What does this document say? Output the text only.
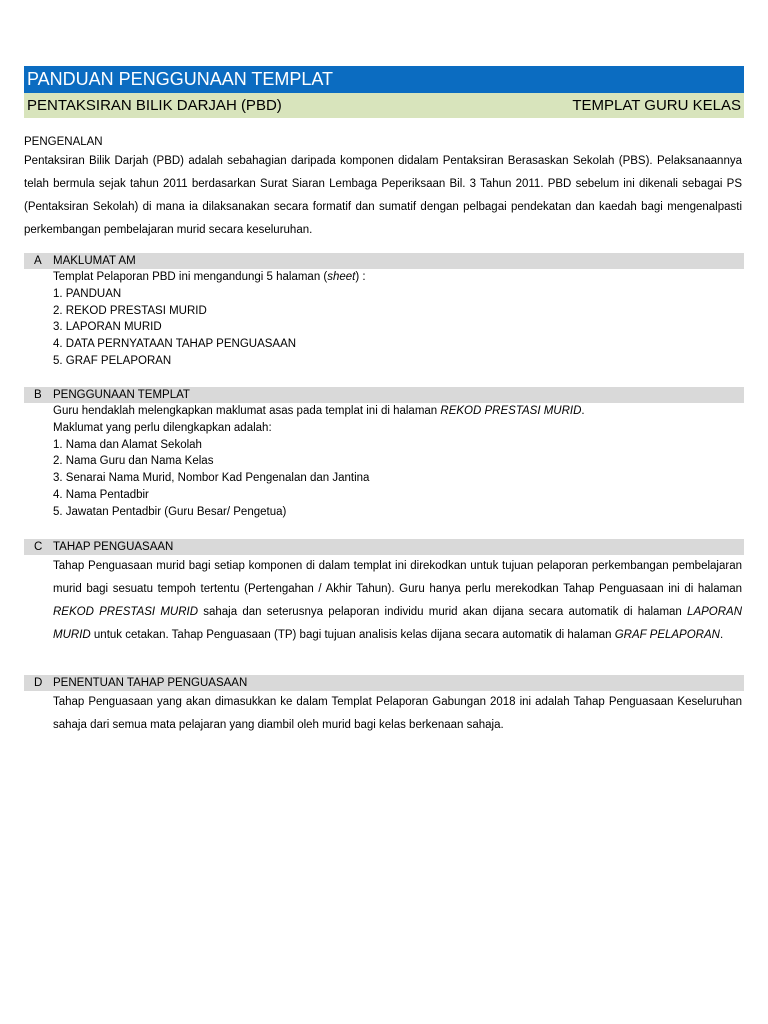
PANDUAN PENGGUNAAN TEMPLAT
PENTAKSIRAN BILIK DARJAH (PBD)	TEMPLAT GURU KELAS
PENGENALAN

Pentaksiran Bilik Darjah (PBD) adalah sebahagian daripada komponen didalam Pentaksiran Berasaskan Sekolah (PBS). Pelaksanaannya telah bermula sejak tahun 2011 berdasarkan Surat Siaran Lembaga Peperiksaan Bil. 3 Tahun 2011. PBD sebelum ini dikenali sebagai PS (Pentaksiran Sekolah) di mana ia dilaksanakan secara formatif dan sumatif dengan pelbagai pendekatan dan kaedah bagi mengenalpasti perkembangan pembelajaran murid secara keseluruhan.

A MAKLUMAT AM
Templat Pelaporan PBD ini mengandungi 5 halaman (sheet) :
1. PANDUAN
2. REKOD PRESTASI MURID
3. LAPORAN MURID
4. DATA PERNYATAAN TAHAP PENGUASAAN
5. GRAF PELAPORAN
B PENGGUNAAN TEMPLAT
Guru hendaklah melengkapkan maklumat asas pada templat ini di halaman REKOD PRESTASI MURID.
Maklumat yang perlu dilengkapkan adalah:
1. Nama dan Alamat Sekolah
2. Nama Guru dan Nama Kelas
3. Senarai Nama Murid, Nombor Kad Pengenalan dan Jantina
4. Nama Pentadbir
5. Jawatan Pentadbir (Guru Besar/ Pengetua)
C TAHAP PENGUASAAN

Tahap Penguasaan murid bagi setiap komponen di dalam templat ini direkodkan untuk tujuan pelaporan perkembangan pembelajaran murid bagi sesuatu tempoh tertentu (Pertengahan / Akhir Tahun). Guru hanya perlu merekodkan Tahap Penguasaan ini di halaman REKOD PRESTASI MURID sahaja dan seterusnya pelaporan individu murid akan dijana secara automatik di halaman LAPORAN MURID untuk cetakan. Tahap Penguasaan (TP) bagi tujuan analisis kelas dijana secara automatik di halaman GRAF PELAPORAN.

D PENENTUAN TAHAP PENGUASAAN

Tahap Penguasaan yang akan dimasukkan ke dalam Templat Pelaporan Gabungan 2018 ini adalah Tahap Penguasaan Keseluruhan sahaja dari semua mata pelajaran yang diambil oleh murid bagi kelas berkenaan sahaja.
